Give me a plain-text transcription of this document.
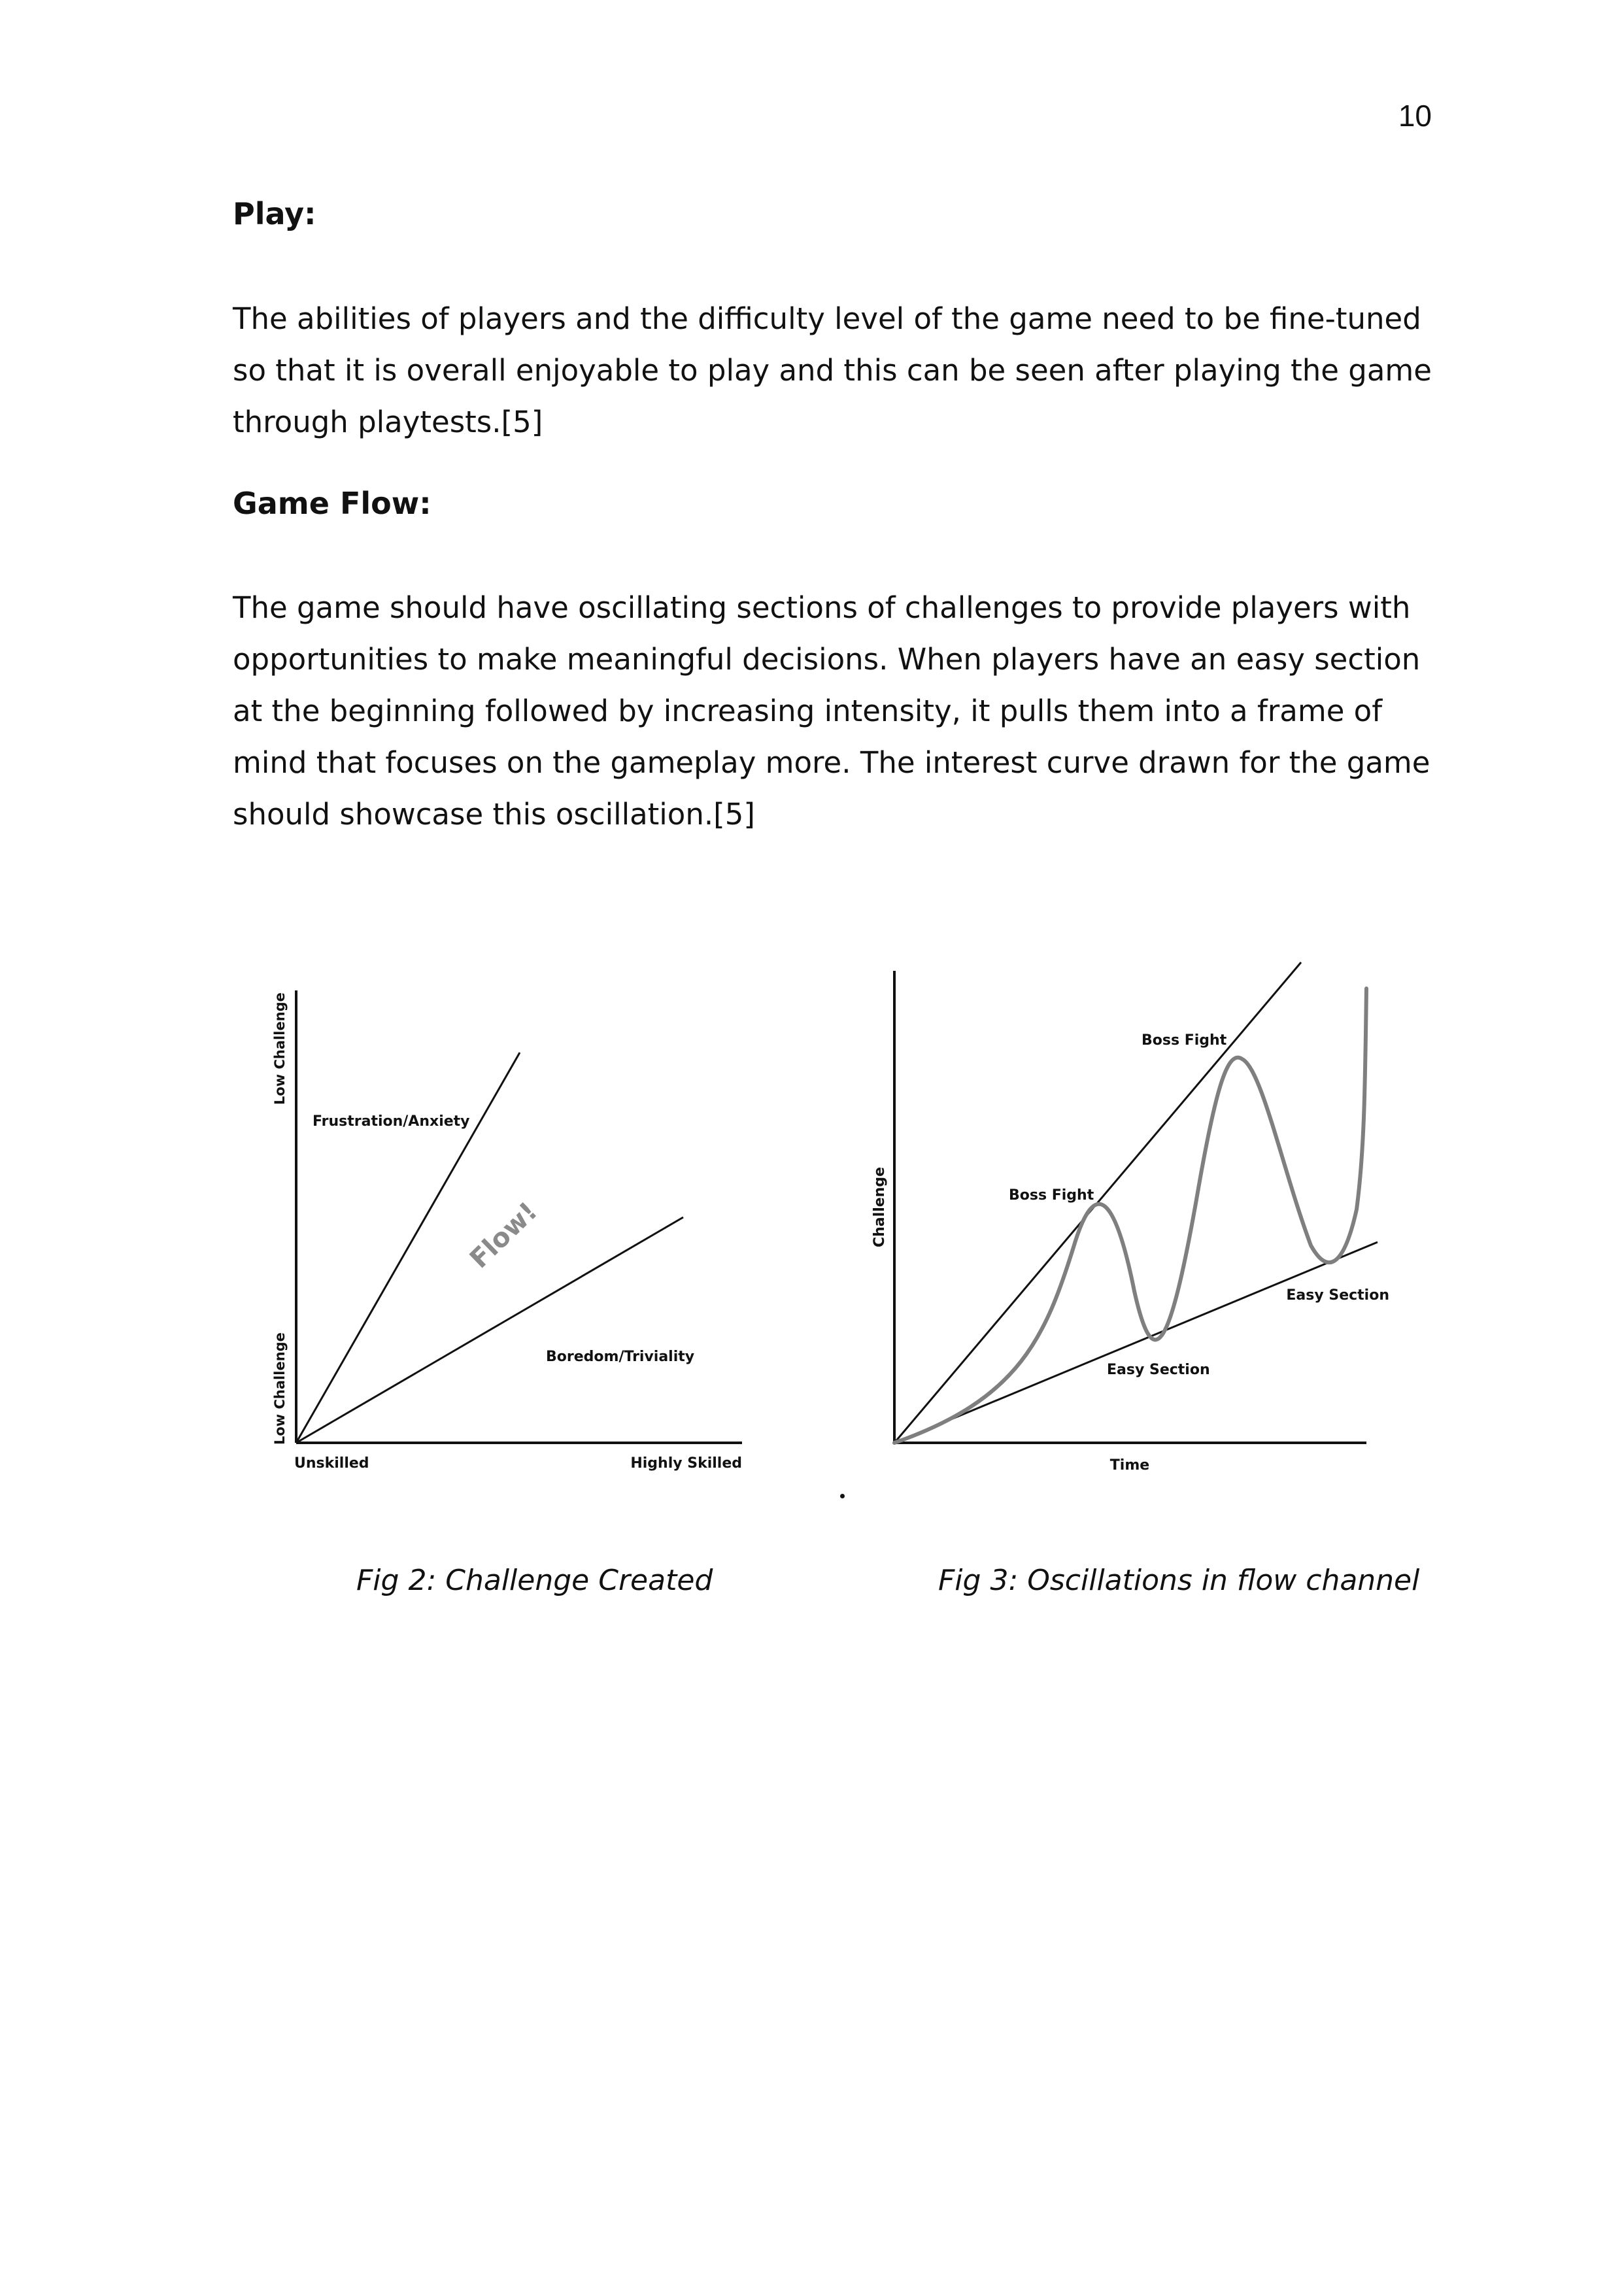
10
Play:

The abilities of players and the difficulty level of the game need to be fine-tuned
so that it is overall enjoyable to play and this can be seen after playing the game
through playtests.[5]

Game Flow:

The game should have oscillating sections of challenges to provide players with
opportunities to make meaningful decisions. When players have an easy section
at the beginning followed by increasing intensity, it pulls them into a frame of
mind that focuses on the gameplay more. The interest curve drawn for the game
should showcase this oscillation.[5]

Low Challenge
Low Challenge
Unskilled	Highly Skilled
Frustration/Anxiety
Boredom/Triviality
Flow!

Fig 2: Challenge Created

Challenge
Time
Boss Fight
Boss Fight
Easy Section
Easy Section

Fig 3: Oscillations in flow channel
